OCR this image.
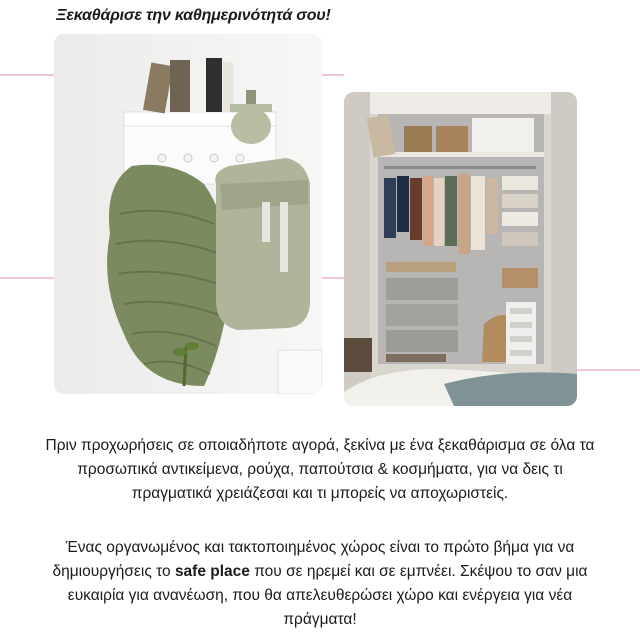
Ξεκαθάρισε την καθημερινότητά σου!
Πριν προχωρήσεις σε οποιαδήποτε αγορά, ξεκίνα με ένα ξεκαθάρισμα σε όλα τα προσωπικά αντικείμενα, ρούχα, παπούτσια & κοσμήματα, για να δεις τι πραγματικά χρειάζεσαι και τι μπορείς να αποχωριστείς.
Ένας οργανωμένος και τακτοποιημένος χώρος είναι το πρώτο βήμα για να δημιουργήσεις το safe place που σε ηρεμεί και σε εμπνέει. Σκέψου το σαν μια ευκαιρία για ανανέωση, που θα απελευθερώσει χώρο και ενέργεια για νέα πράγματα!
